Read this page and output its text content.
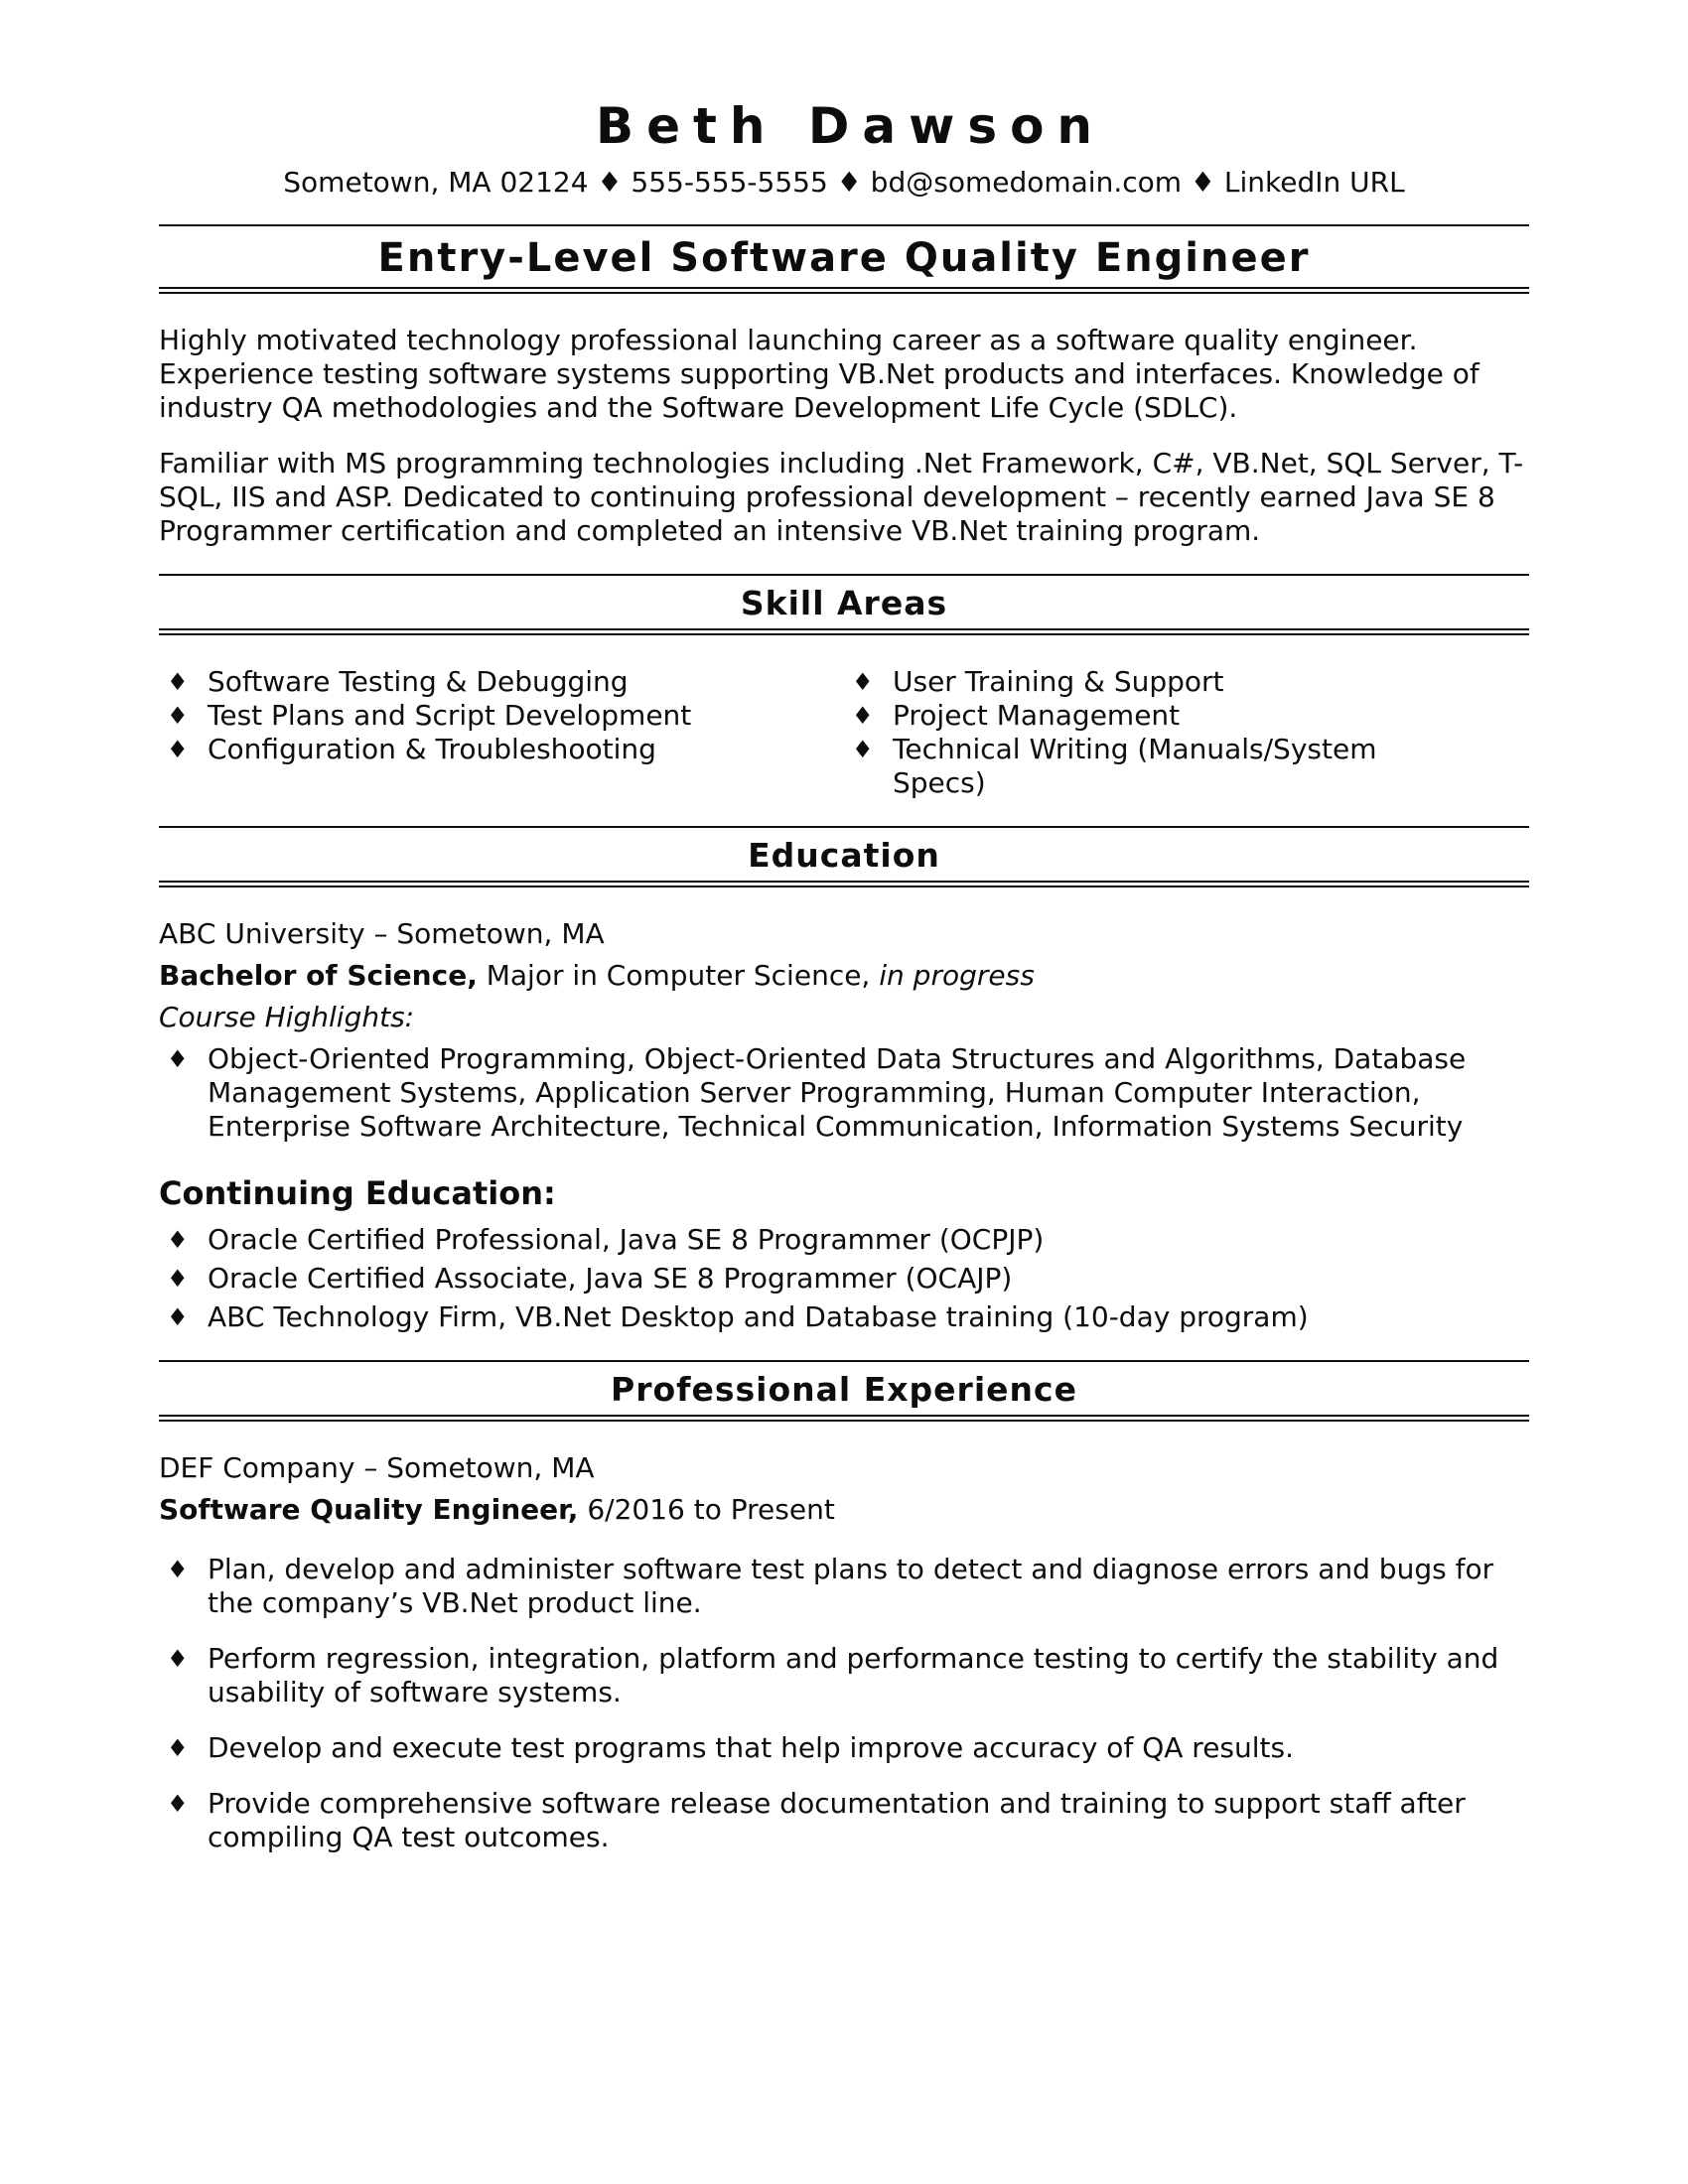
Beth Dawson
Sometown, MA 02124 ♦ 555-555-5555 ♦ bd@somedomain.com ♦ LinkedIn URL
Entry-Level Software Quality Engineer

Highly motivated technology professional launching career as a software quality engineer. Experience testing software systems supporting VB.Net products and interfaces. Knowledge of industry QA methodologies and the Software Development Life Cycle (SDLC).

Familiar with MS programming technologies including .Net Framework, C#, VB.Net, SQL Server, T-SQL, IIS and ASP. Dedicated to continuing professional development – recently earned Java SE 8 Programmer certification and completed an intensive VB.Net training program.

Skill Areas
♦ Software Testing & Debugging
♦ Test Plans and Script Development
♦ Configuration & Troubleshooting
♦ User Training & Support
♦ Project Management
♦ Technical Writing (Manuals/System Specs)
Education
ABC University – Sometown, MA
Bachelor of Science, Major in Computer Science, in progress
Course Highlights:
♦ Object-Oriented Programming, Object-Oriented Data Structures and Algorithms, Database Management Systems, Application Server Programming, Human Computer Interaction, Enterprise Software Architecture, Technical Communication, Information Systems Security
Continuing Education:
♦ Oracle Certified Professional, Java SE 8 Programmer (OCPJP)
♦ Oracle Certified Associate, Java SE 8 Programmer (OCAJP)
♦ ABC Technology Firm, VB.Net Desktop and Database training (10-day program)
Professional Experience
DEF Company – Sometown, MA
Software Quality Engineer, 6/2016 to Present
♦ Plan, develop and administer software test plans to detect and diagnose errors and bugs for the company’s VB.Net product line.
♦ Perform regression, integration, platform and performance testing to certify the stability and usability of software systems.
♦ Develop and execute test programs that help improve accuracy of QA results.
♦ Provide comprehensive software release documentation and training to support staff after compiling QA test outcomes.
